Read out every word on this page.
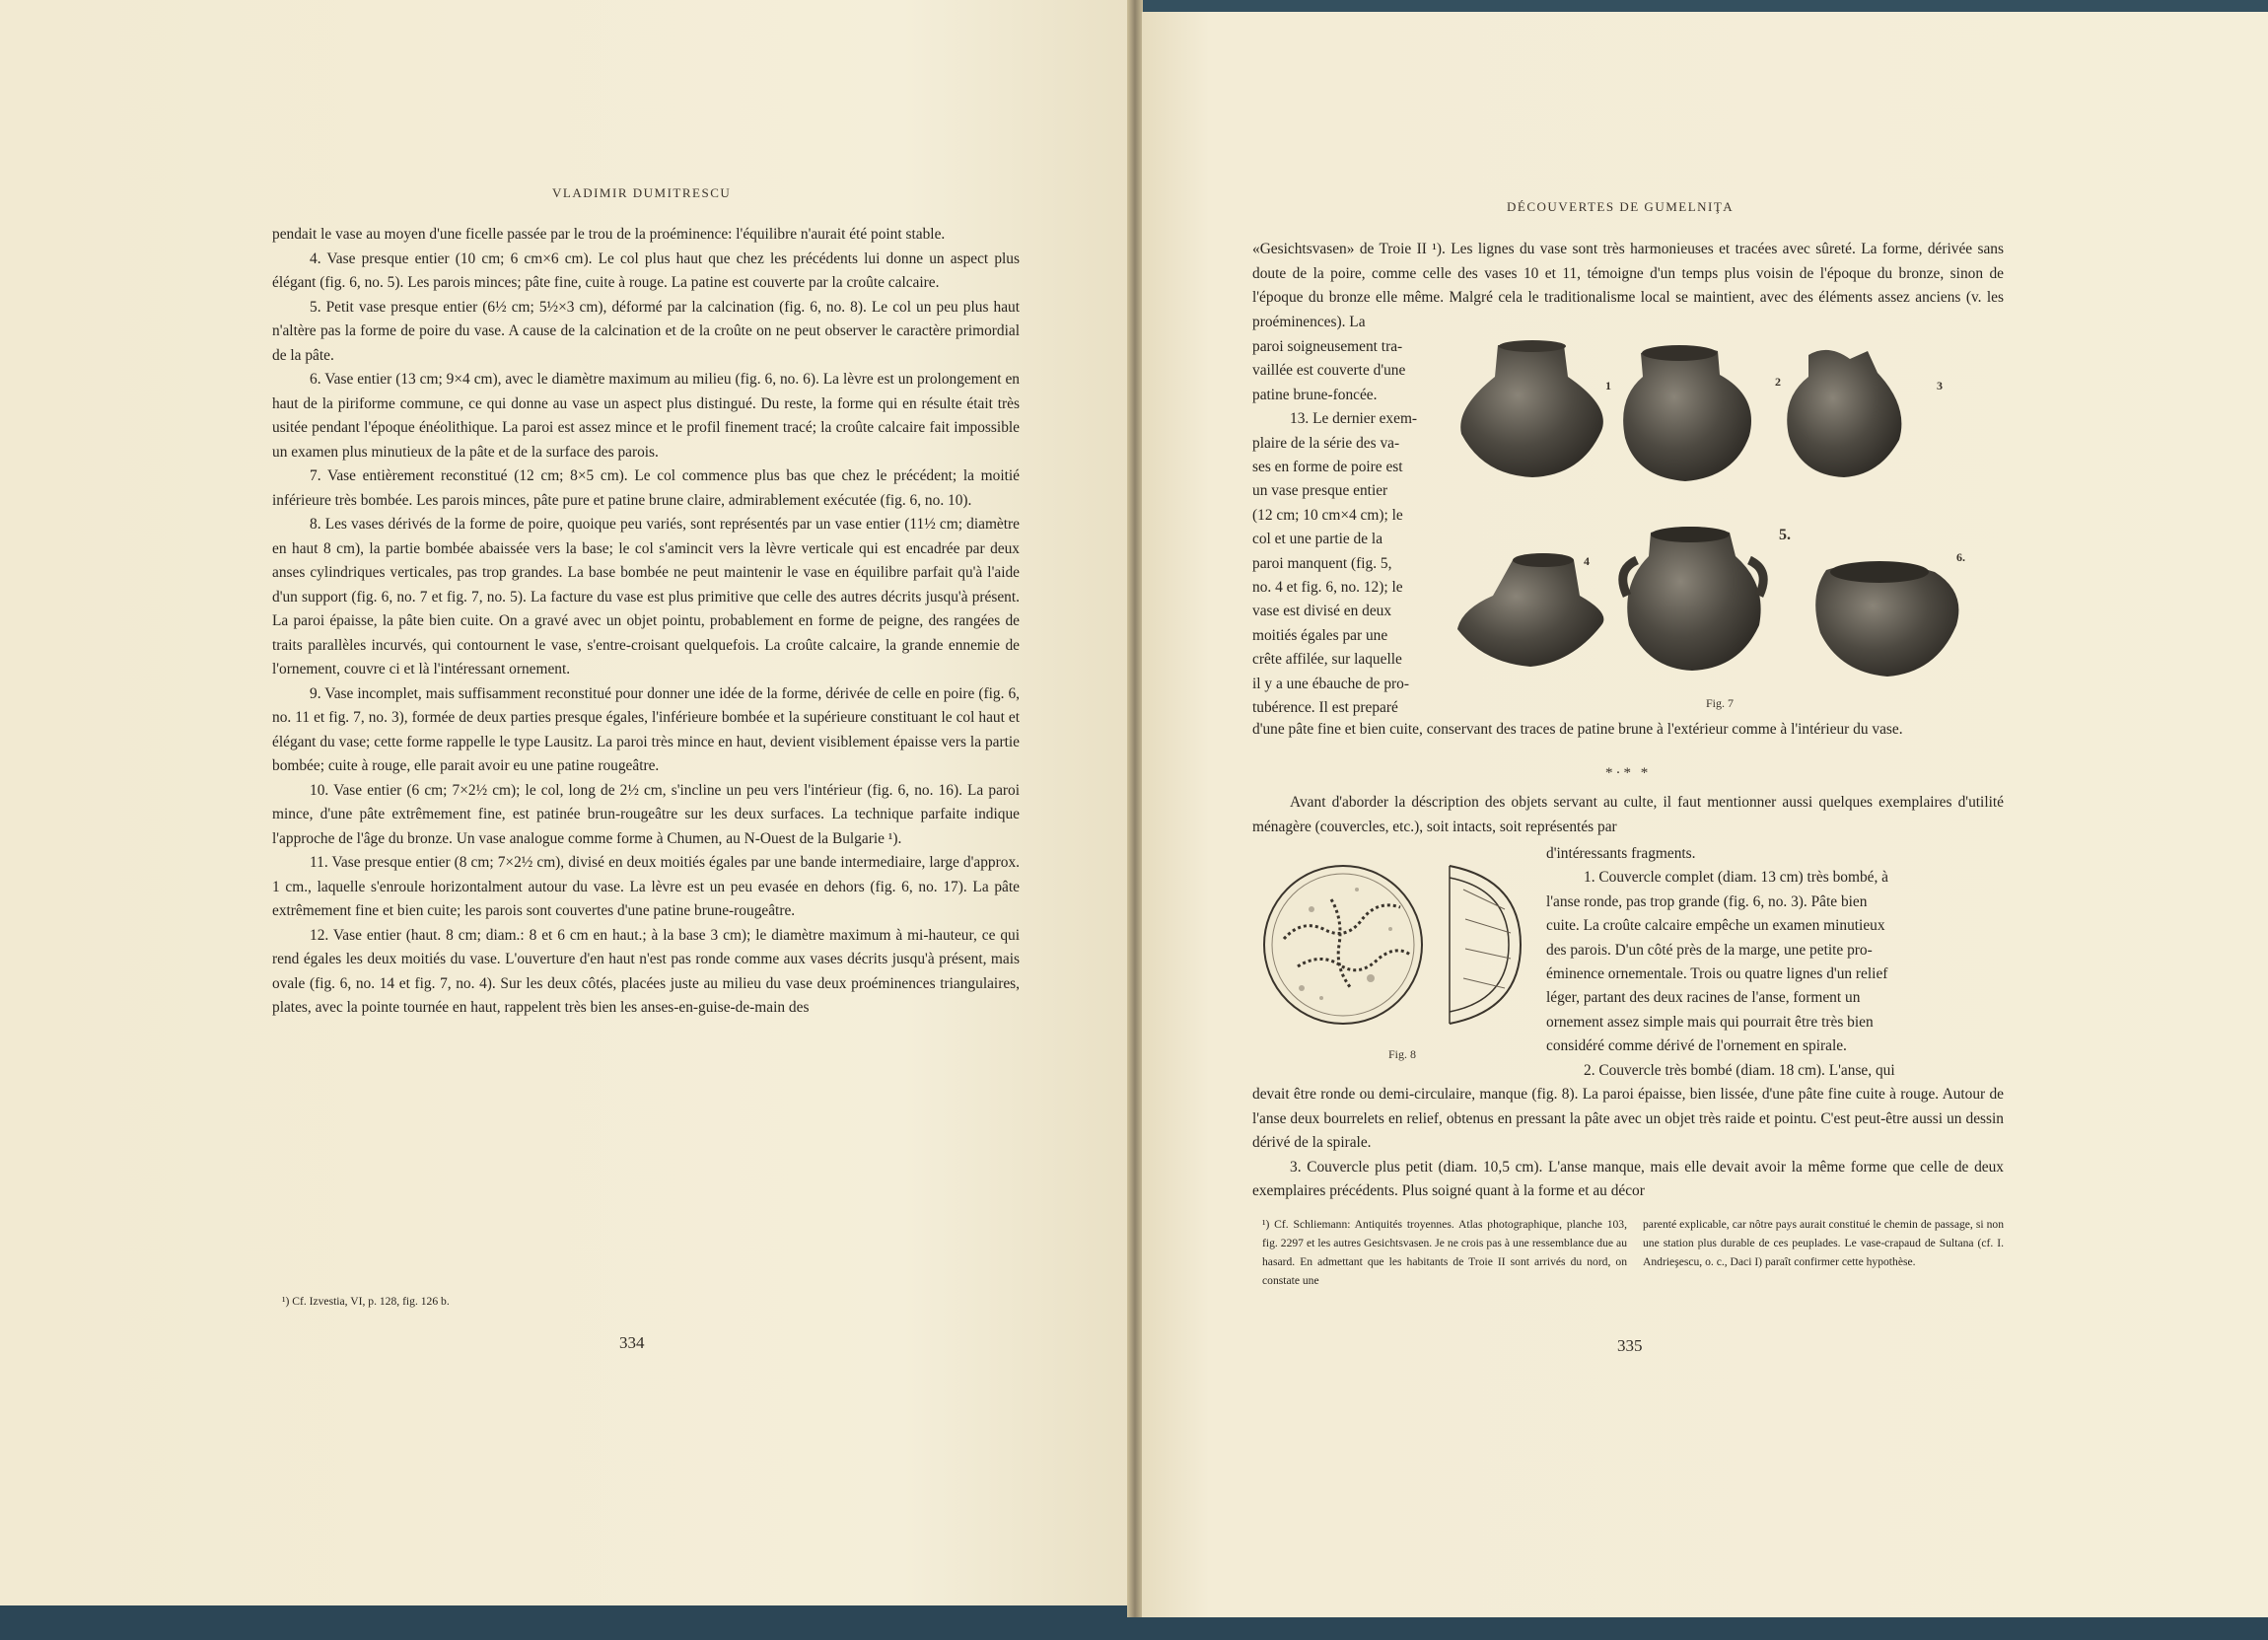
VLADIMIR DUMITRESCU

pendait le vase au moyen d'une ficelle passée par le trou de la proéminence: l'équilibre n'aurait été point stable.

4. Vase presque entier (10 cm; 6 cm×6 cm). Le col plus haut que chez les précédents lui donne un aspect plus élégant (fig. 6, no. 5). Les parois minces; pâte fine, cuite à rouge. La patine est couverte par la croûte calcaire.

5. Petit vase presque entier (6½ cm; 5½×3 cm), déformé par la calcination (fig. 6, no. 8). Le col un peu plus haut n'altère pas la forme de poire du vase. A cause de la calcination et de la croûte on ne peut observer le caractère primordial de la pâte.

6. Vase entier (13 cm; 9×4 cm), avec le diamètre maximum au milieu (fig. 6, no. 6). La lèvre est un prolongement en haut de la piriforme commune, ce qui donne au vase un aspect plus distingué. Du reste, la forme qui en résulte était très usitée pendant l'époque énéolithique. La paroi est assez mince et le profil finement tracé; la croûte calcaire fait impossible un examen plus minutieux de la pâte et de la surface des parois.

7. Vase entièrement reconstitué (12 cm; 8×5 cm). Le col commence plus bas que chez le précédent; la moitié inférieure très bombée. Les parois minces, pâte pure et patine brune claire, admirablement exécutée (fig. 6, no. 10).

8. Les vases dérivés de la forme de poire, quoique peu variés, sont représentés par un vase entier (11½ cm; diamètre en haut 8 cm), la partie bombée abaissée vers la base; le col s'amincit vers la lèvre verticale qui est encadrée par deux anses cylindriques verticales, pas trop grandes. La base bombée ne peut maintenir le vase en équilibre parfait qu'à l'aide d'un support (fig. 6, no. 7 et fig. 7, no. 5). La facture du vase est plus primitive que celle des autres décrits jusqu'à présent. La paroi épaisse, la pâte bien cuite. On a gravé avec un objet pointu, probablement en forme de peigne, des rangées de traits parallèles incurvés, qui contournent le vase, s'entre-croisant quelquefois. La croûte calcaire, la grande ennemie de l'ornement, couvre ci et là l'intéressant ornement.

9. Vase incomplet, mais suffisamment reconstitué pour donner une idée de la forme, dérivée de celle en poire (fig. 6, no. 11 et fig. 7, no. 3), formée de deux parties presque égales, l'inférieure bombée et la supérieure constituant le col haut et élégant du vase; cette forme rappelle le type Lausitz. La paroi très mince en haut, devient visiblement épaisse vers la partie bombée; cuite à rouge, elle parait avoir eu une patine rougeâtre.

10. Vase entier (6 cm; 7×2½ cm); le col, long de 2½ cm, s'incline un peu vers l'intérieur (fig. 6, no. 16). La paroi mince, d'une pâte extrêmement fine, est patinée brun-rougeâtre sur les deux surfaces. La technique parfaite indique l'approche de l'âge du bronze. Un vase analogue comme forme à Chumen, au N-Ouest de la Bulgarie ¹).

11. Vase presque entier (8 cm; 7×2½ cm), divisé en deux moitiés égales par une bande intermediaire, large d'approx. 1 cm., laquelle s'enroule horizontalment autour du vase. La lèvre est un peu evasée en dehors (fig. 6, no. 17). La pâte extrêmement fine et bien cuite; les parois sont couvertes d'une patine brune-rougeâtre.

12. Vase entier (haut. 8 cm; diam.: 8 et 6 cm en haut.; à la base 3 cm); le diamètre maximum à mi-hauteur, ce qui rend égales les deux moitiés du vase. L'ouverture d'en haut n'est pas ronde comme aux vases décrits jusqu'à présent, mais ovale (fig. 6, no. 14 et fig. 7, no. 4). Sur les deux côtés, placées juste au milieu du vase deux proéminences triangulaires, plates, avec la pointe tournée en haut, rappelent très bien les anses-en-guise-de-main des

¹) Cf. Izvestia, VI, p. 128, fig. 126 b.

334
DÉCOUVERTES DE GUMELNIŢA

«Gesichtsvasen» de Troie II ¹). Les lignes du vase sont très harmonieuses et tracées avec sûreté. La forme, dérivée sans doute de la poire, comme celle des vases 10 et 11, témoigne d'un temps plus voisin de l'époque du bronze, sinon de l'époque du bronze elle même. Malgré cela le traditionalisme local se maintient, avec des éléments assez anciens (v. les proéminences). La

paroi soigneusement tra-

vaillée est couverte d'une

patine brune-foncée.

13. Le dernier exem-

plaire de la série des va-

ses en forme de poire est

un vase presque entier

(12 cm; 10 cm×4 cm); le

col et une partie de la

paroi manquent (fig. 5,

no. 4 et fig. 6, no. 12); le

vase est divisé en deux

moitiés égales par une

crête affilée, sur laquelle

il y a une ébauche de pro-

tubérence. Il est preparé

1	2	3
4
5.
6.
Fig. 7

d'une pâte fine et bien cuite, conservant des traces de patine brune à l'extérieur comme à l'intérieur du vase.

*·* *

Avant d'aborder la déscription des objets servant au culte, il faut mentionner aussi quelques exemplaires d'utilité ménagère (couvercles, etc.), soit intacts, soit représentés par

Fig. 8

d'intéressants fragments.

1. Couvercle complet (diam. 13 cm) très bombé, à

l'anse ronde, pas trop grande (fig. 6, no. 3). Pâte bien

cuite. La croûte calcaire empêche un examen minutieux

des parois. D'un côté près de la marge, une petite pro-

éminence ornementale. Trois ou quatre lignes d'un relief

léger, partant des deux racines de l'anse, forment un

ornement assez simple mais qui pourrait être très bien

considéré comme dérivé de l'ornement en spirale.

2. Couvercle très bombé (diam. 18 cm). L'anse, qui

devait être ronde ou demi-circulaire, manque (fig. 8). La paroi épaisse, bien lissée, d'une pâte fine cuite à rouge. Autour de l'anse deux bourrelets en relief, obtenus en pressant la pâte avec un objet très raide et pointu. C'est peut-être aussi un dessin dérivé de la spirale.

3. Couvercle plus petit (diam. 10,5 cm). L'anse manque, mais elle devait avoir la même forme que celle de deux exemplaires précédents. Plus soigné quant à la forme et au décor

¹) Cf. Schliemann: Antiquités troyennes. Atlas photographique, planche 103, fig. 2297 et les autres Gesichtsvasen. Je ne crois pas à une ressemblance due au hasard. En admettant que les habitants de Troie II sont arrivés du nord, on constate une

parenté explicable, car nôtre pays aurait constitué le chemin de passage, si non une station plus durable de ces peuplades. Le vase-crapaud de Sultana (cf. I. Andrieşescu, o. c., Daci I) paraît confirmer cette hypothèse.

335
